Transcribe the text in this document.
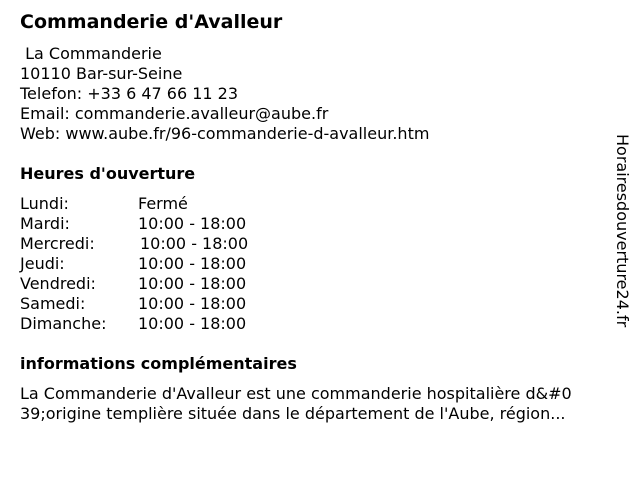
Commanderie d'Avalleur
La Commanderie
10110 Bar-sur-Seine
Telefon: +33 6 47 66 11 23
Email: commanderie.avalleur@aube.fr
Web: www.aube.fr/96-commanderie-d-avalleur.htm
Heures d'ouverture
Lundi:	Fermé
Mardi:	10:00 - 18:00
Mercredi:	10:00 - 18:00
Jeudi:	10:00 - 18:00
Vendredi:	10:00 - 18:00
Samedi:	10:00 - 18:00
Dimanche:	10:00 - 18:00
informations complémentaires
La Commanderie d'Avalleur est une commanderie hospitalière d&#0
39;origine templière située dans le département de l'Aube, région...
Horairesdouverture24.fr
